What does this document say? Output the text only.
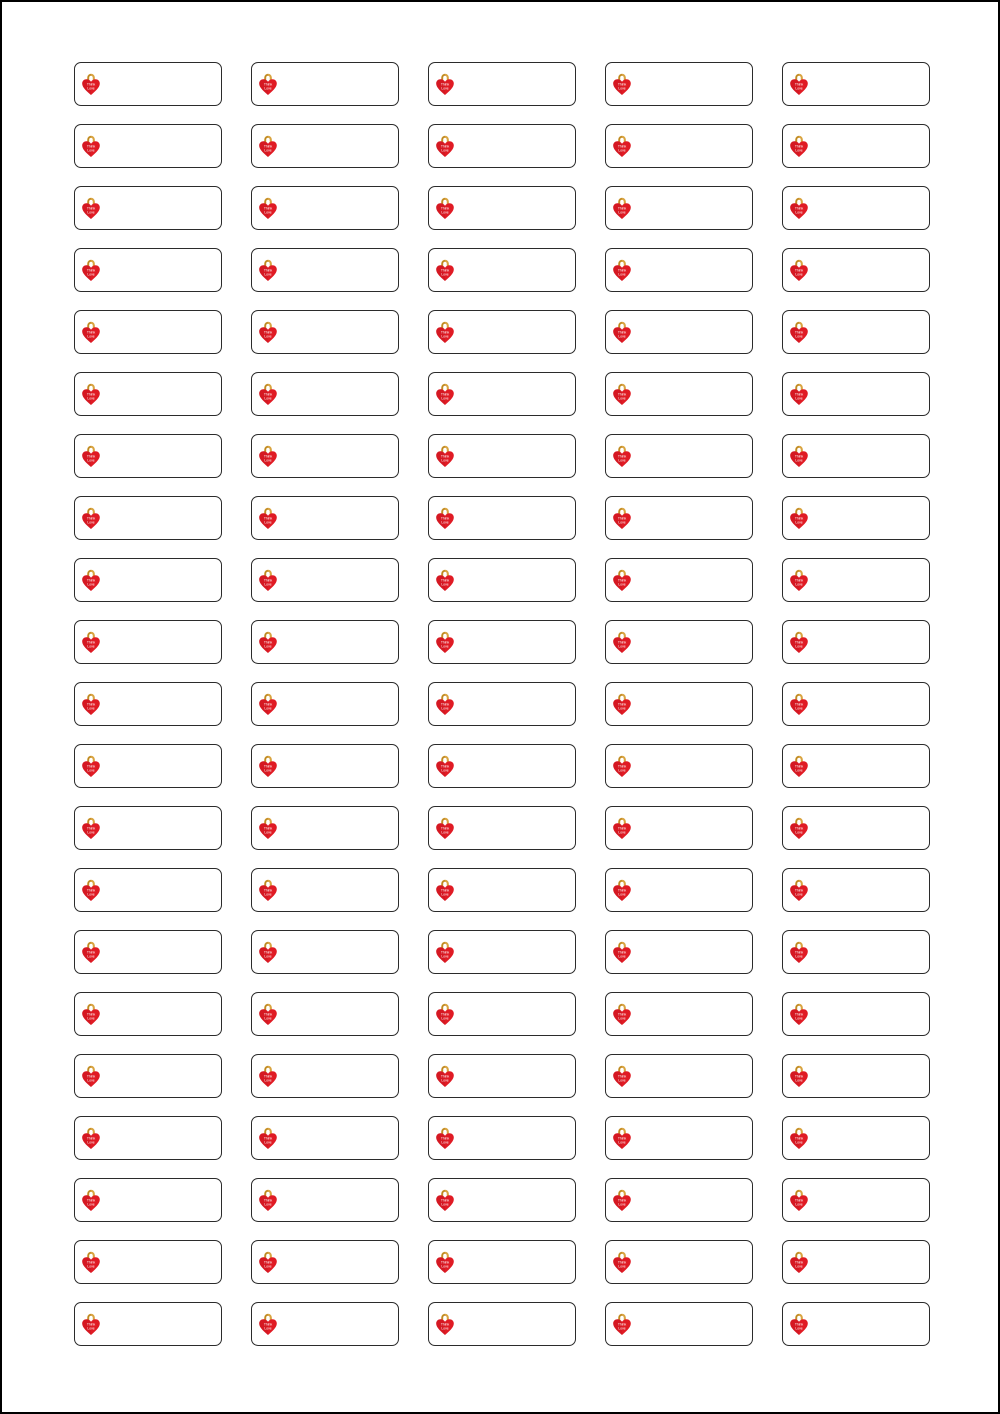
Think
Love
Think
Love
Think
Love
Think
Love
Think
Love
Think
Love
Think
Love
Think
Love
Think
Love
Think
Love
Think
Love
Think
Love
Think
Love
Think
Love
Think
Love
Think
Love
Think
Love
Think
Love
Think
Love
Think
Love
Think
Love
Think
Love
Think
Love
Think
Love
Think
Love
Think
Love
Think
Love
Think
Love
Think
Love
Think
Love
Think
Love
Think
Love
Think
Love
Think
Love
Think
Love
Think
Love
Think
Love
Think
Love
Think
Love
Think
Love
Think
Love
Think
Love
Think
Love
Think
Love
Think
Love
Think
Love
Think
Love
Think
Love
Think
Love
Think
Love
Think
Love
Think
Love
Think
Love
Think
Love
Think
Love
Think
Love
Think
Love
Think
Love
Think
Love
Think
Love
Think
Love
Think
Love
Think
Love
Think
Love
Think
Love
Think
Love
Think
Love
Think
Love
Think
Love
Think
Love
Think
Love
Think
Love
Think
Love
Think
Love
Think
Love
Think
Love
Think
Love
Think
Love
Think
Love
Think
Love
Think
Love
Think
Love
Think
Love
Think
Love
Think
Love
Think
Love
Think
Love
Think
Love
Think
Love
Think
Love
Think
Love
Think
Love
Think
Love
Think
Love
Think
Love
Think
Love
Think
Love
Think
Love
Think
Love
Think
Love
Think
Love
Think
Love
Think
Love
Think
Love
Think
Love
